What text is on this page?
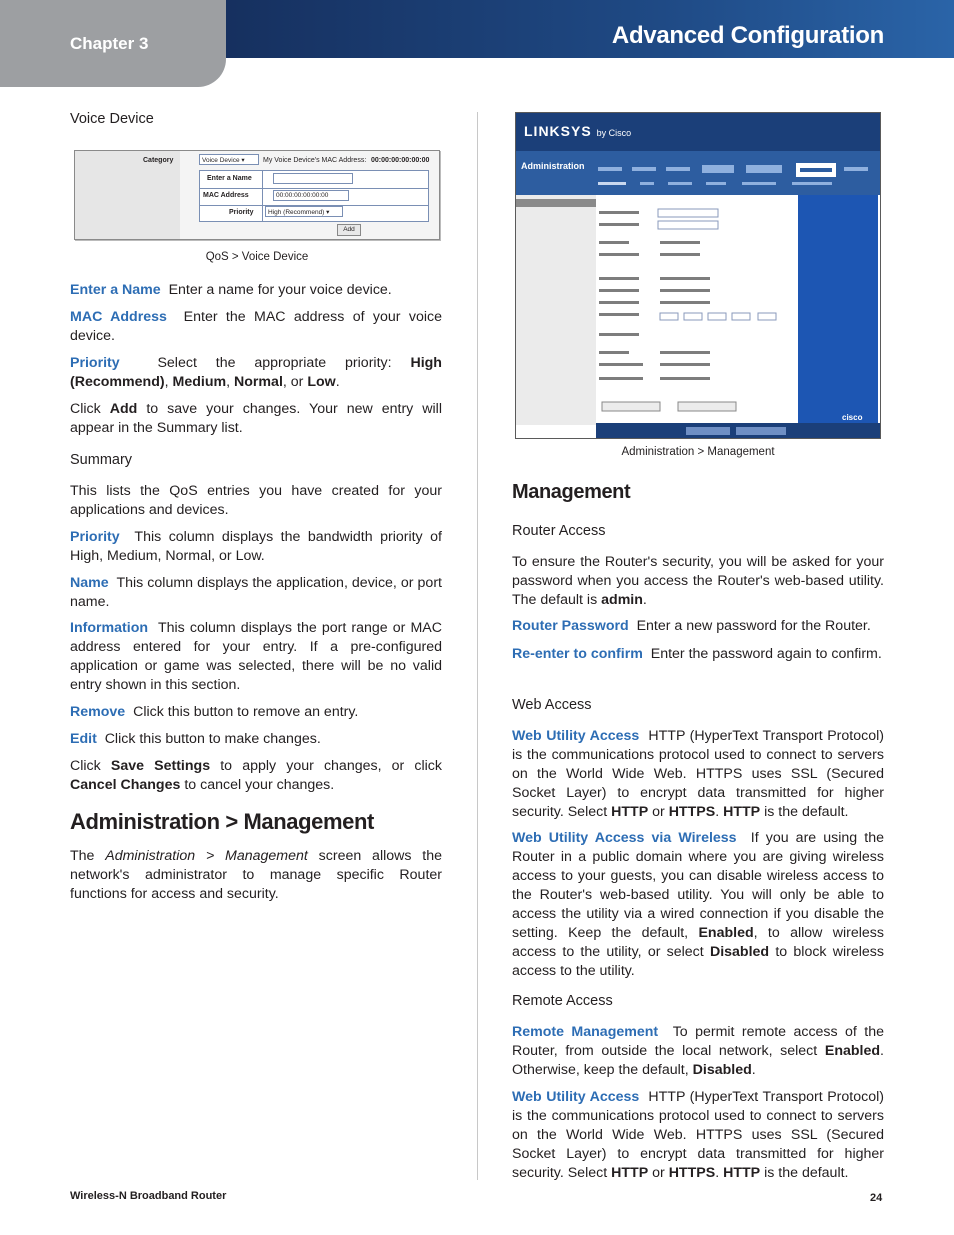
Chapter 3	Advanced Configuration
Voice Device
Category	Voice Device ▾	My Voice Device's MAC Address: 00:00:00:00:00:00
Enter a Name
MAC Address	00:00:00:00:00:00
Priority	High (Recommend) ▾
Add
QoS > Voice Device
Enter a Name Enter a name for your voice device.
MAC Address Enter the MAC address of your voice device.
Priority	Select the appropriate priority: High (Recommend), Medium, Normal, or Low.
Click Add to save your changes. Your new entry will appear in the Summary list.
Summary
This lists the QoS entries you have created for your applications and devices.
Priority This column displays the bandwidth priority of High, Medium, Normal, or Low.
Name This column displays the application, device, or port name.
Information This column displays the port range or MAC address entered for your entry. If a pre-configured application or game was selected, there will be no valid entry shown in this section.
Remove Click this button to remove an entry.
Edit Click this button to make changes.
Click Save Settings to apply your changes, or click Cancel Changes to cancel your changes.
Administration > Management
The Administration > Management screen allows the network's administrator to manage specific Router functions for access and security.
LINKSYS by Cisco
Administration
cisco
Administration > Management
Management
Router Access
To ensure the Router's security, you will be asked for your password when you access the Router's web-based utility. The default is admin.
Router Password Enter a new password for the Router.
Re-enter to confirm Enter the password again to confirm.
Web Access
Web Utility Access HTTP (HyperText Transport Protocol) is the communications protocol used to connect to servers on the World Wide Web. HTTPS uses SSL (Secured Socket Layer) to encrypt data transmitted for higher security. Select HTTP or HTTPS. HTTP is the default.
Web Utility Access via Wireless If you are using the Router in a public domain where you are giving wireless access to your guests, you can disable wireless access to the Router's web-based utility. You will only be able to access the utility via a wired connection if you disable the setting. Keep the default, Enabled, to allow wireless access to the utility, or select Disabled to block wireless access to the utility.
Remote Access
Remote Management To permit remote access of the Router, from outside the local network, select Enabled. Otherwise, keep the default, Disabled.
Web Utility Access HTTP (HyperText Transport Protocol) is the communications protocol used to connect to servers on the World Wide Web. HTTPS uses SSL (Secured Socket Layer) to encrypt data transmitted for higher security. Select HTTP or HTTPS. HTTP is the default.
Wireless-N Broadband Router	24
